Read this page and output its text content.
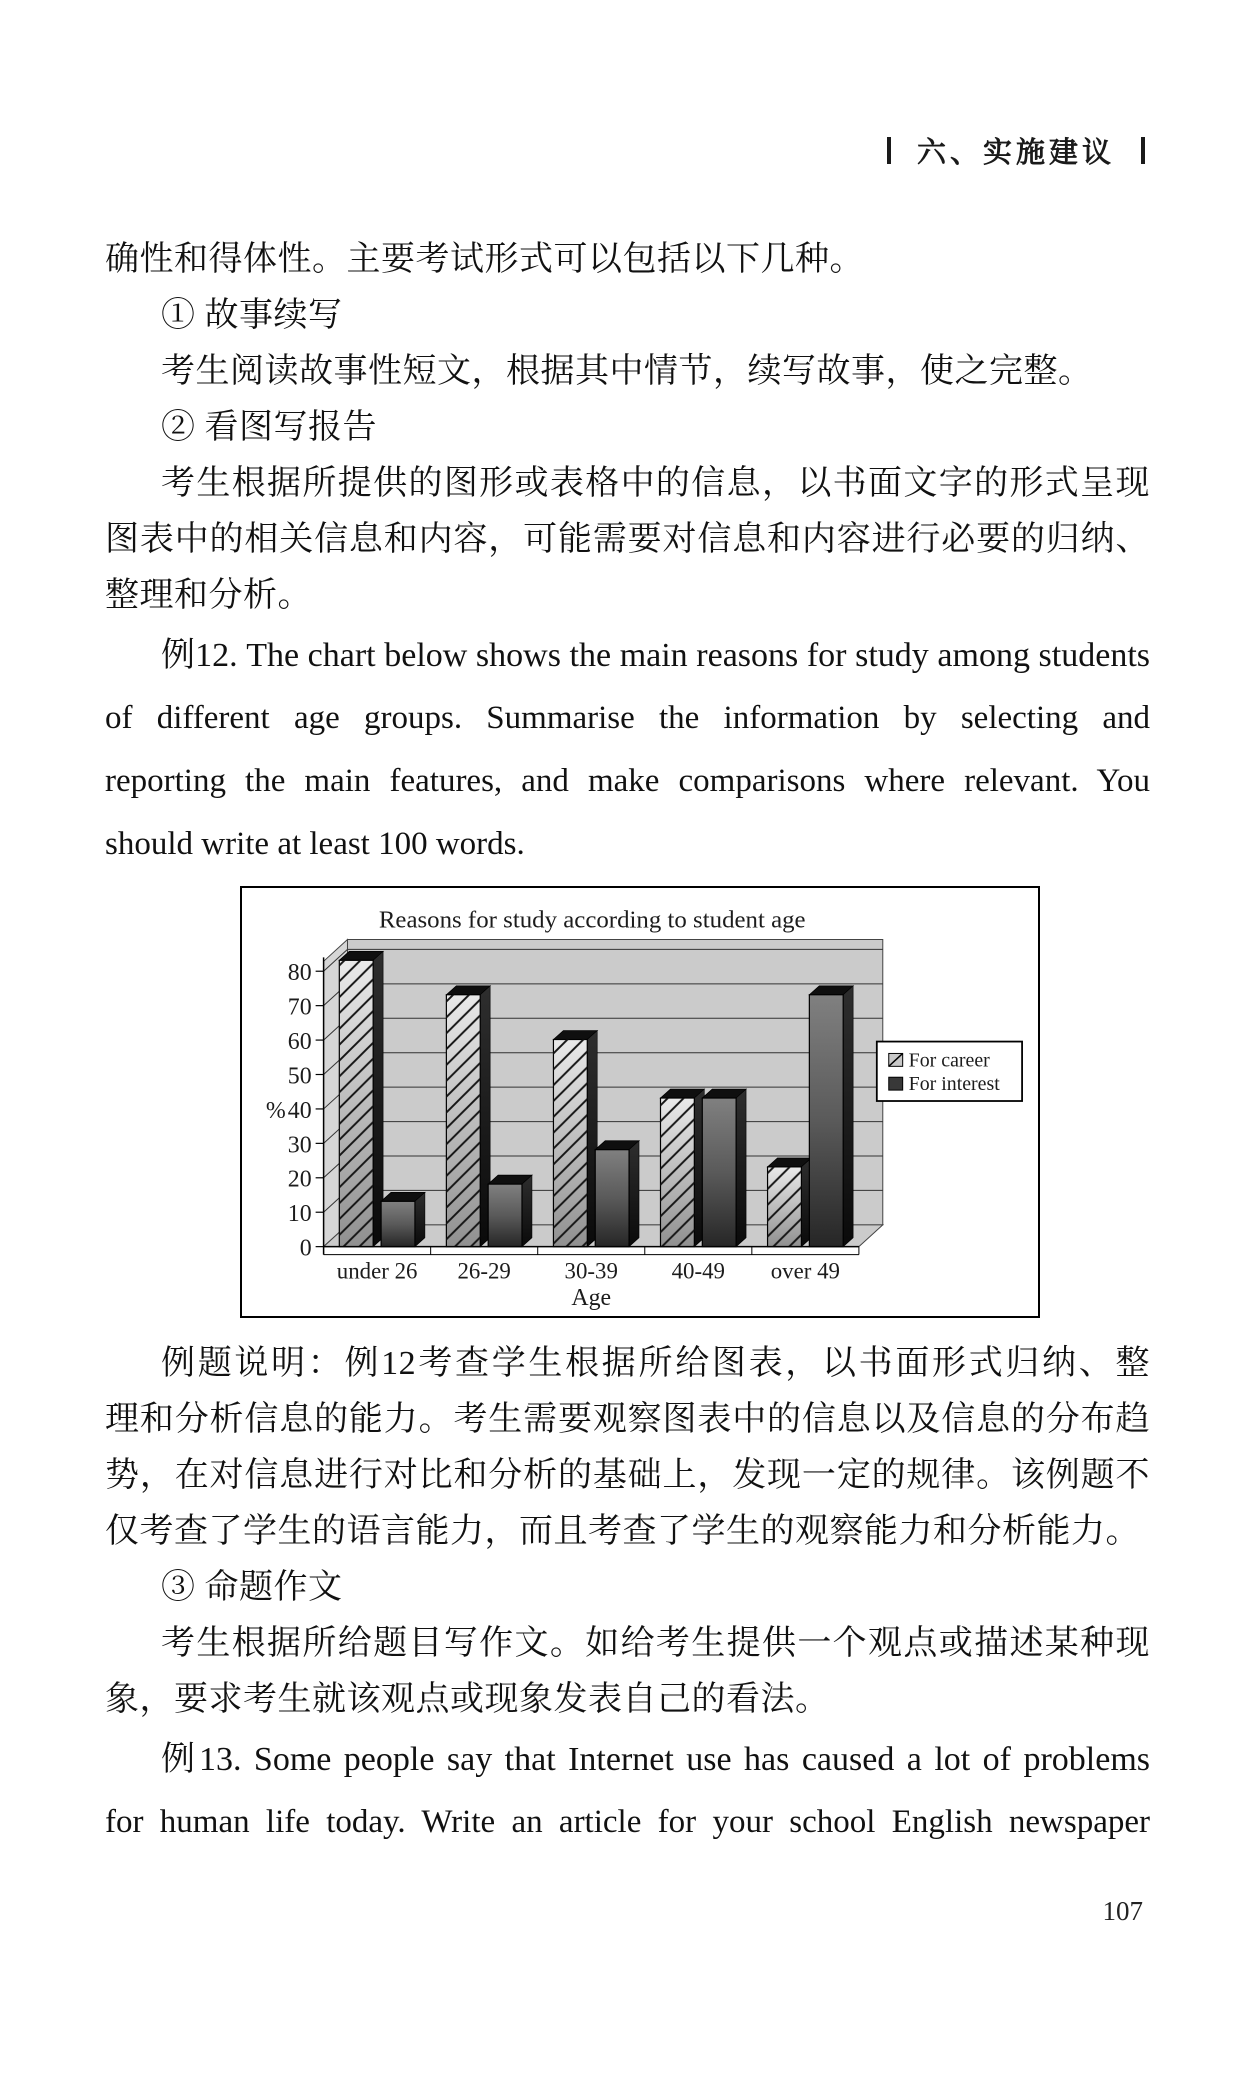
六、实施建议
确性和得体性。主要考试形式可以包括以下几种。
① 故事续写
考生阅读故事性短文，根据其中情节，续写故事，使之完整。
② 看图写报告
考生根据所提供的图形或表格中的信息，以书面文字的形式呈现
图表中的相关信息和内容，可能需要对信息和内容进行必要的归纳、
整理和分析。
例12. The chart below shows the main reasons for study among students
of different age groups. Summarise the information by selecting and
reporting the main features, and make comparisons where relevant. You
should write at least 100 words.
Reasons for study according to student age
0
10
20
30
40
50
60
70
80
%
under 26 26-29 30-39 40-49 over 49
Age
For career
For interest
例题说明：例12考查学生根据所给图表，以书面形式归纳、整
理和分析信息的能力。考生需要观察图表中的信息以及信息的分布趋
势，在对信息进行对比和分析的基础上，发现一定的规律。该例题不
仅考查了学生的语言能力，而且考查了学生的观察能力和分析能力。
③ 命题作文
考生根据所给题目写作文。如给考生提供一个观点或描述某种现
象，要求考生就该观点或现象发表自己的看法。
例13. Some people say that Internet use has caused a lot of problems
for human life today. Write an article for your school English newspaper
107
